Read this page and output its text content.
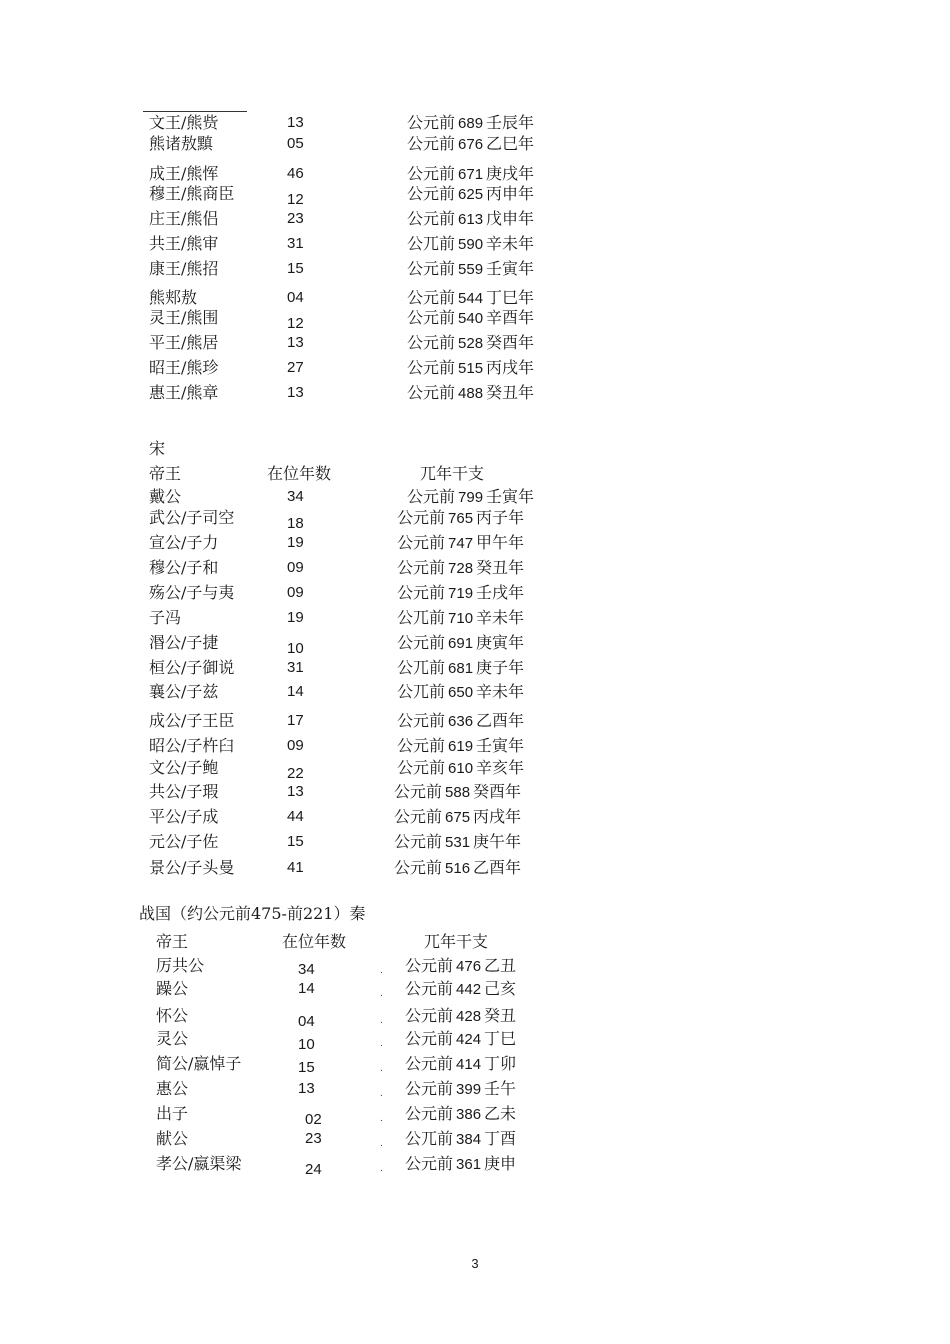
文王/熊赀	13	公元前 689 壬辰年
熊诸敖黰	05	公元前 676 乙巳年
成王/熊恽	46	公元前 671 庚戌年
穆王/熊商臣	12	公元前 625 丙申年
庄王/熊侣	23	公元前 613 戊申年
共王/熊审	31	公兀前 590 辛未年
康王/熊招	15	公元前 559 壬寅年
熊郏敖	04	公元前 544 丁巳年
灵王/熊围	12	公元前 540 辛酉年
平王/熊居	13	公元前 528 癸酉年
昭王/熊珍	27	公元前 515 丙戌年
惠王/熊章	13	公元前 488 癸丑年
宋
帝王	在位年数	兀年干支
戴公	34	公元前 799 壬寅年
武公/子司空	18	公元前 765 丙子年
宣公/子力	19	公元前 747 甲午年
穆公/子和	09	公元前 728 癸丑年
殇公/子与夷	09	公元前 719 壬戌年
子冯	19	公兀前 710 辛未年
湣公/子捷	10	公元前 691 庚寅年
桓公/子御说	31	公兀前 681 庚子年
襄公/子兹	14	公兀前 650 辛未年
成公/子王臣	17	公元前 636 乙酉年
昭公/子杵臼	09	公元前 619 壬寅年
文公/子鲍	22	公元前 610 辛亥年
共公/子瑕	13	公元前 588 癸酉年
平公/子成	44	公元前 675 丙戌年
元公/子佐	15	公元前 531 庚午年
景公/子头曼	41	公元前 516 乙酉年
战国（约公元前475-前221）秦
帝王	在位年数	兀年干支
厉共公	34	公元前 476 乙丑
.
躁公	14	公元前 442 己亥
.
怀公	04	公元前 428 癸丑
.
灵公	10	公元前 424 丁巳
.
简公/嬴悼子	15	公元前 414 丁卯
.
惠公	13	公元前 399 壬午
.
出子	02	公元前 386 乙未
.
献公	23	公兀前 384 丁酉
.
孝公/嬴渠梁	24	公元前 361 庚申
.
3
